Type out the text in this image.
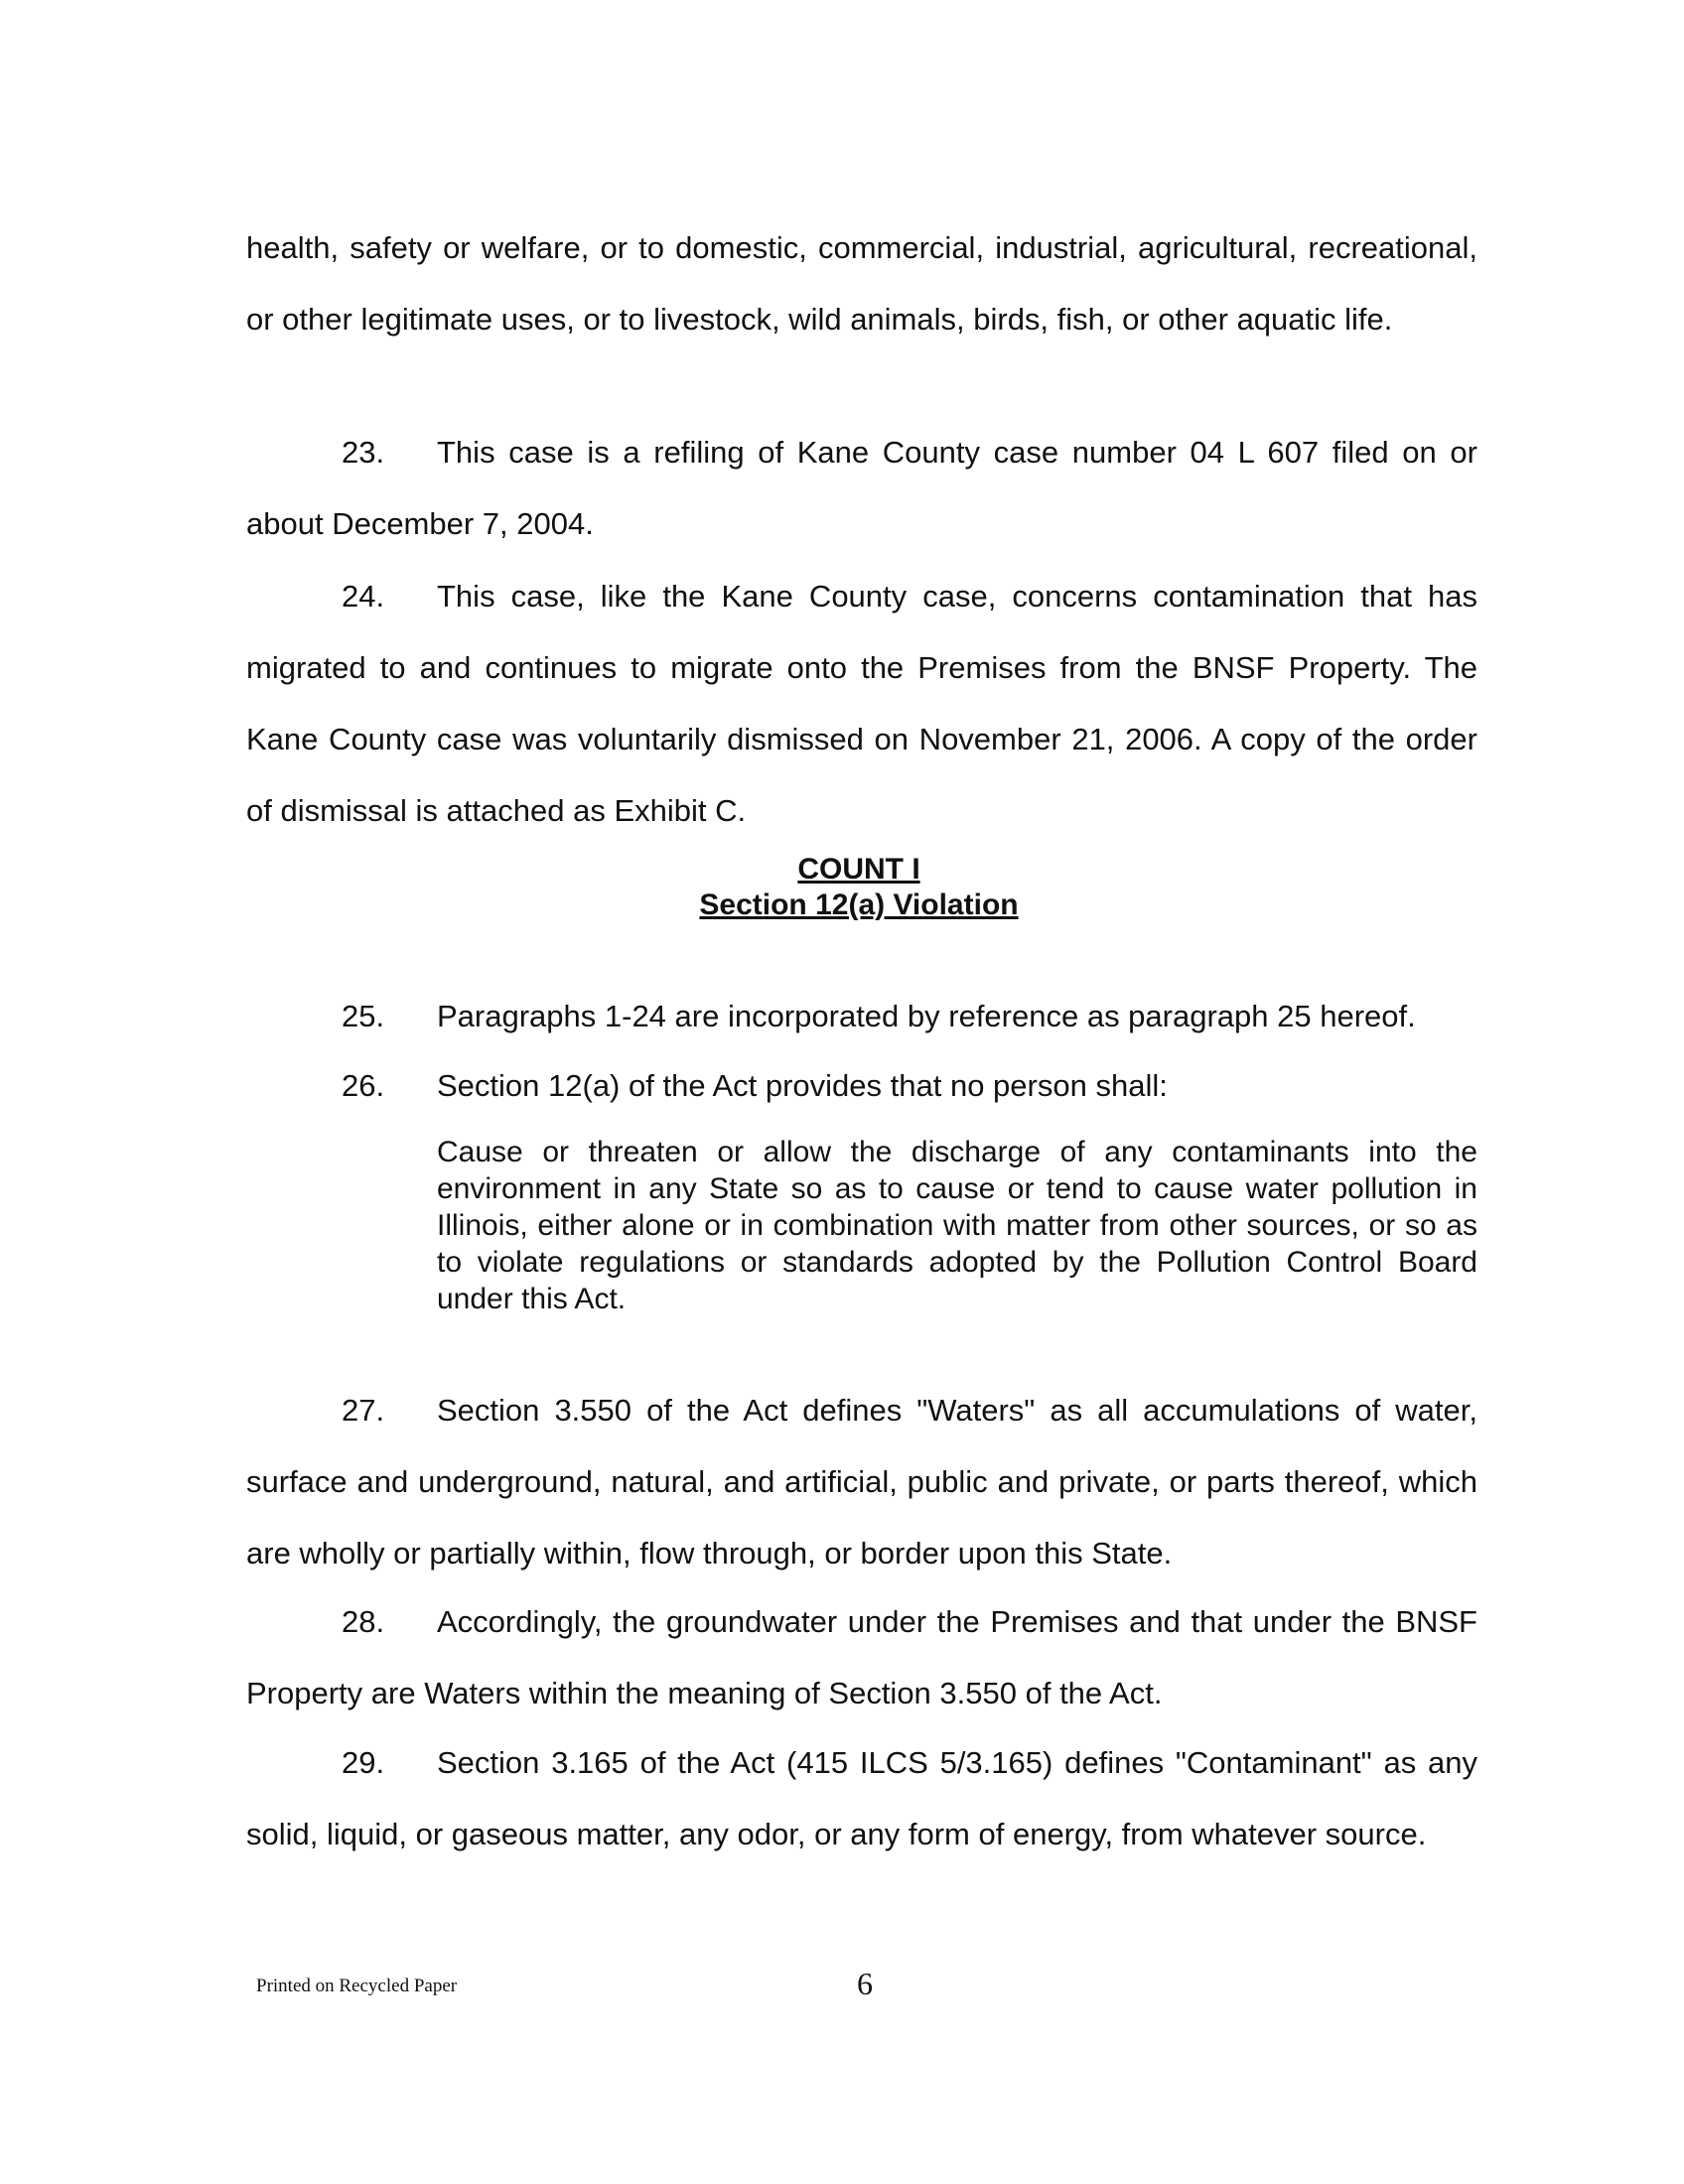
health, safety or welfare, or to domestic, commercial, industrial, agricultural, recreational, or other legitimate uses, or to livestock, wild animals, birds, fish, or other aquatic life.

23. This case is a refiling of Kane County case number 04 L 607 filed on or about December 7, 2004.

24. This case, like the Kane County case, concerns contamination that has migrated to and continues to migrate onto the Premises from the BNSF Property. The Kane County case was voluntarily dismissed on November 21, 2006. A copy of the order of dismissal is attached as Exhibit C.

COUNT I

Section 12(a) Violation

25. Paragraphs 1-24 are incorporated by reference as paragraph 25 hereof.

26. Section 12(a) of the Act provides that no person shall:

Cause or threaten or allow the discharge of any contaminants into the environment in any State so as to cause or tend to cause water pollution in Illinois, either alone or in combination with matter from other sources, or so as to violate regulations or standards adopted by the Pollution Control Board under this Act.

27. Section 3.550 of the Act defines "Waters" as all accumulations of water, surface and underground, natural, and artificial, public and private, or parts thereof, which are wholly or partially within, flow through, or border upon this State.

28. Accordingly, the groundwater under the Premises and that under the BNSF Property are Waters within the meaning of Section 3.550 of the Act.

29. Section 3.165 of the Act (415 ILCS 5/3.165) defines "Contaminant" as any solid, liquid, or gaseous matter, any odor, or any form of energy, from whatever source.

Printed on Recycled Paper	6
